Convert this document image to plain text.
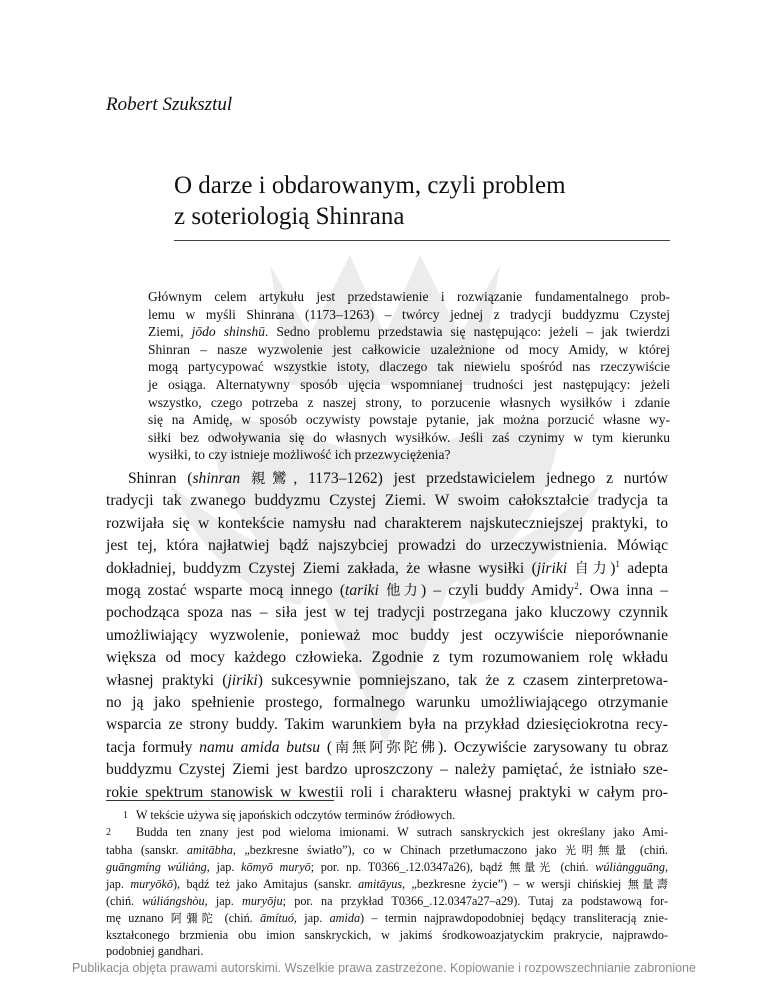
Robert Szuksztul
O darze i obdarowanym, czyli problem
z soteriologią Shinrana
Głównym celem artykułu jest przedstawienie i rozwiązanie fundamentalnego prob-
lemu w myśli Shinrana (1173–1263) – twórcy jednej z tradycji buddyzmu Czystej
Ziemi, jōdo shinshū. Sedno problemu przedstawia się następująco: jeżeli – jak twierdzi
Shinran – nasze wyzwolenie jest całkowicie uzależnione od mocy Amidy, w której
mogą partycypować wszystkie istoty, dlaczego tak niewielu spośród nas rzeczywiście
je osiąga. Alternatywny sposób ujęcia wspomnianej trudności jest następujący: jeżeli
wszystko, czego potrzeba z naszej strony, to porzucenie własnych wysiłków i zdanie
się na Amidę, w sposób oczywisty powstaje pytanie, jak można porzucić własne wy-
siłki bez odwoływania się do własnych wysiłków. Jeśli zaś czynimy w tym kierunku
wysiłki, to czy istnieje możliwość ich przezwyciężenia?
Shinran (shinran 親鸞, 1173–1262) jest przedstawicielem jednego z nurtów
tradycji tak zwanego buddyzmu Czystej Ziemi. W swoim całokształcie tradycja ta
rozwijała się w kontekście namysłu nad charakterem najskuteczniejszej praktyki, to
jest tej, która najłatwiej bądź najszybciej prowadzi do urzeczywistnienia. Mówiąc
dokładniej, buddyzm Czystej Ziemi zakłada, że własne wysiłki (jiriki 自力)$^1$ adepta
mogą zostać wsparte mocą innego (tariki 他力) – czyli buddy Amidy$^2$. Owa inna –
pochodząca spoza nas – siła jest w tej tradycji postrzegana jako kluczowy czynnik
umożliwiający wyzwolenie, ponieważ moc buddy jest oczywiście nieporównanie
większa od mocy każdego człowieka. Zgodnie z tym rozumowaniem rolę wkładu
własnej praktyki (jiriki) sukcesywnie pomniejszano, tak że z czasem zinterpretowa-
no ją jako spełnienie prostego, formalnego warunku umożliwiającego otrzymanie
wsparcia ze strony buddy. Takim warunkiem była na przykład dziesięciokrotna recy-
tacja formuły namu amida butsu (南無阿弥陀佛). Oczywiście zarysowany tu obraz
buddyzmu Czystej Ziemi jest bardzo uproszczony – należy pamiętać, że istniało sze-
rokie spektrum stanowisk w kwestii roli i charakteru własnej praktyki w całym pro-
1 W tekście używa się japońskich odczytów terminów źródłowych.
2 Budda ten znany jest pod wieloma imionami. W sutrach sanskryckich jest określany jako Ami-
tabha (sanskr. amitābha, „bezkresne światło”), co w Chinach przetłumaczono jako 光明無量 (chiń.
guāngmíng wúliáng, jap. kōmyō muryō; por. np. T0366_.12.0347a26), bądź 無量光 (chiń. wúliàngguāng,
jap. muryōkō), bądź też jako Amitajus (sanskr. amitāyus, „bezkresne życie”) – w wersji chińskiej 無量壽
(chiń. wúliángshòu, jap. muryōju; por. na przykład T0366_.12.0347a27–a29). Tutaj za podstawową for-
mę uznano 阿彌陀 (chiń. āmítuó, jap. amida) – termin najprawdopodobniej będący transliteracją znie-
kształconego brzmienia obu imion sanskryckich, w jakimś środkowoazjatyckim prakrycie, najprawdo-
podobniej gandhari.
Publikacja objęta prawami autorskimi. Wszelkie prawa zastrzeżone. Kopiowanie i rozpowszechnianie zabronione
